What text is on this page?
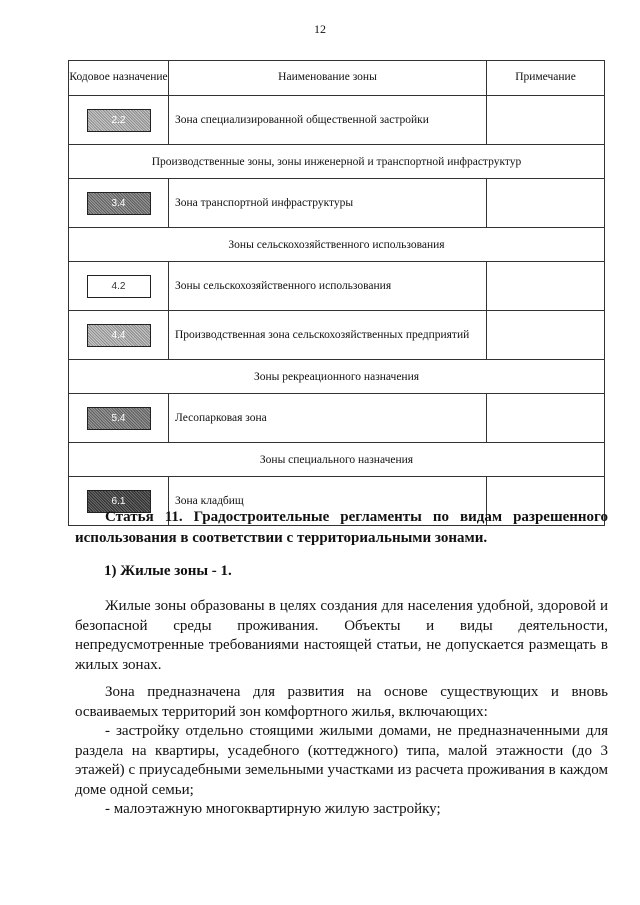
12
Кодовое назначение	Наименование зоны	Примечание
2.2	Зона специализированной общественной застройки	
Производственные зоны, зоны инженерной и транспортной инфраструктур		
3.4	Зона транспортной инфраструктуры	
Зоны сельскохозяйственного использования		
4.2	Зоны сельскохозяйственного использования	
4.4	Производственная зона сельскохозяйственных предприятий	
Зоны рекреационного назначения		
5.4	Лесопарковая зона	
Зоны специального назначения		
6.1	Зона кладбищ	
Статья 11. Градостроительные регламенты по видам разрешенного использования в соответствии с территориальными зонами.
1) Жилые зоны - 1.

Жилые зоны образованы в целях создания для населения удобной, здоровой и безопасной среды проживания. Объекты и виды деятельности, непредусмотренные требованиями настоящей статьи, не допускается размещать в жилых зонах.

Зона предназначена для развития на основе существующих и вновь осваиваемых территорий зон комфортного жилья, включающих:

- застройку отдельно стоящими жилыми домами, не предназначенными для раздела на квартиры, усадебного (коттеджного) типа, малой этажности (до 3 этажей) с приусадебными земельными участками из расчета проживания в каждом доме одной семьи;

- малоэтажную многоквартирную жилую застройку;
